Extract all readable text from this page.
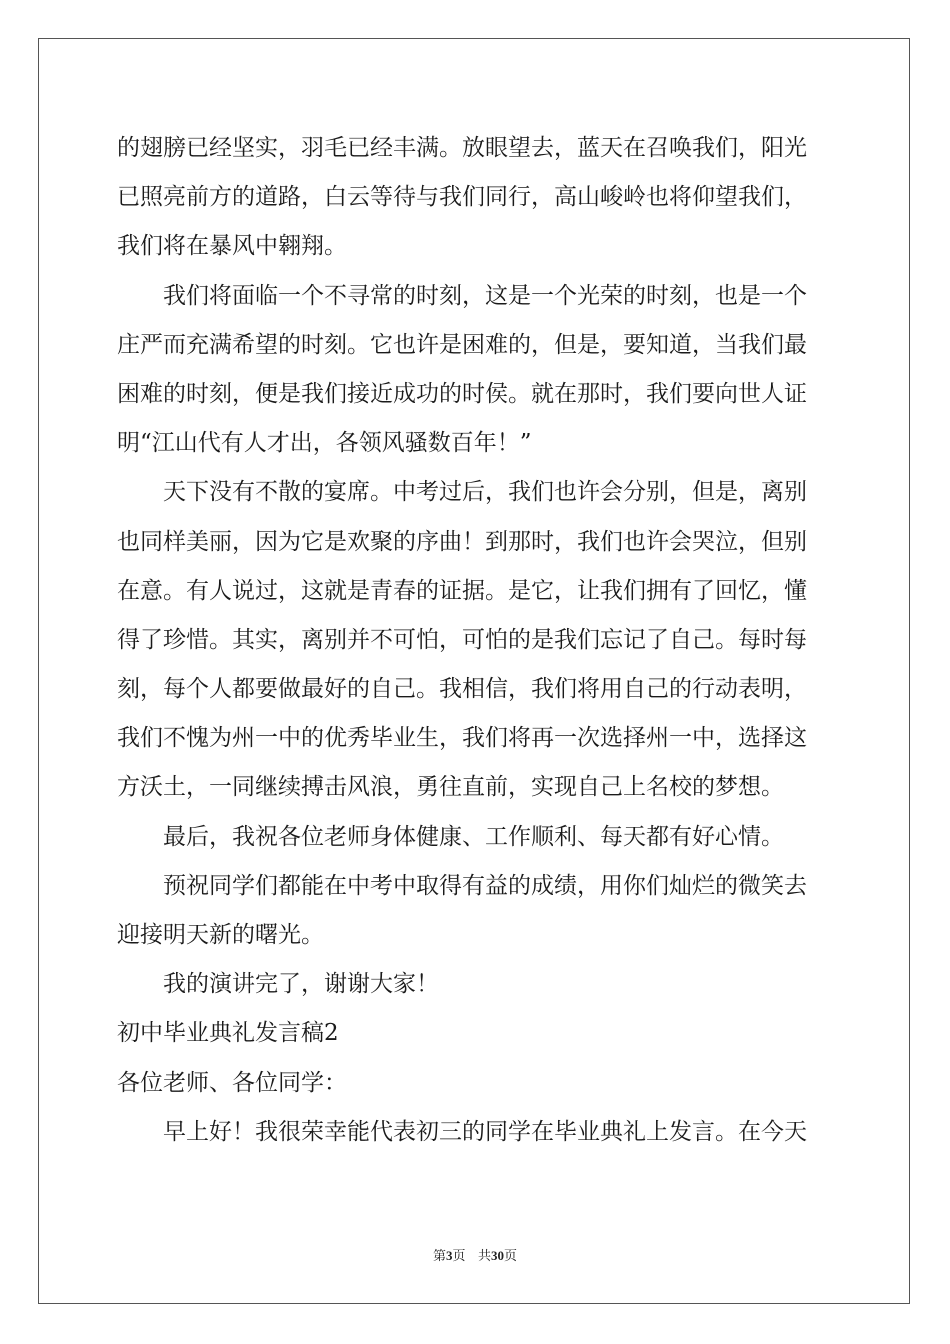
的翅膀已经坚实，羽毛已经丰满。放眼望去，蓝天在召唤我们，阳光
已照亮前方的道路，白云等待与我们同行，高山峻岭也将仰望我们，
我们将在暴风中翱翔。
我们将面临一个不寻常的时刻，这是一个光荣的时刻，也是一个
庄严而充满希望的时刻。它也许是困难的，但是，要知道，当我们最
困难的时刻，便是我们接近成功的时侯。就在那时，我们要向世人证
明“江山代有人才出，各领风骚数百年！”
天下没有不散的宴席。中考过后，我们也许会分别，但是，离别
也同样美丽，因为它是欢聚的序曲！到那时，我们也许会哭泣，但别
在意。有人说过，这就是青春的证据。是它，让我们拥有了回忆，懂
得了珍惜。其实，离别并不可怕，可怕的是我们忘记了自己。每时每
刻，每个人都要做最好的自己。我相信，我们将用自己的行动表明，
我们不愧为州一中的优秀毕业生，我们将再一次选择州一中，选择这
方沃土，一同继续搏击风浪，勇往直前，实现自己上名校的梦想。
最后，我祝各位老师身体健康、工作顺利、每天都有好心情。
预祝同学们都能在中考中取得有益的成绩，用你们灿烂的微笑去
迎接明天新的曙光。
我的演讲完了，谢谢大家！
初中毕业典礼发言稿2
各位老师、各位同学：
早上好！我很荣幸能代表初三的同学在毕业典礼上发言。在今天
第3页 共30页
